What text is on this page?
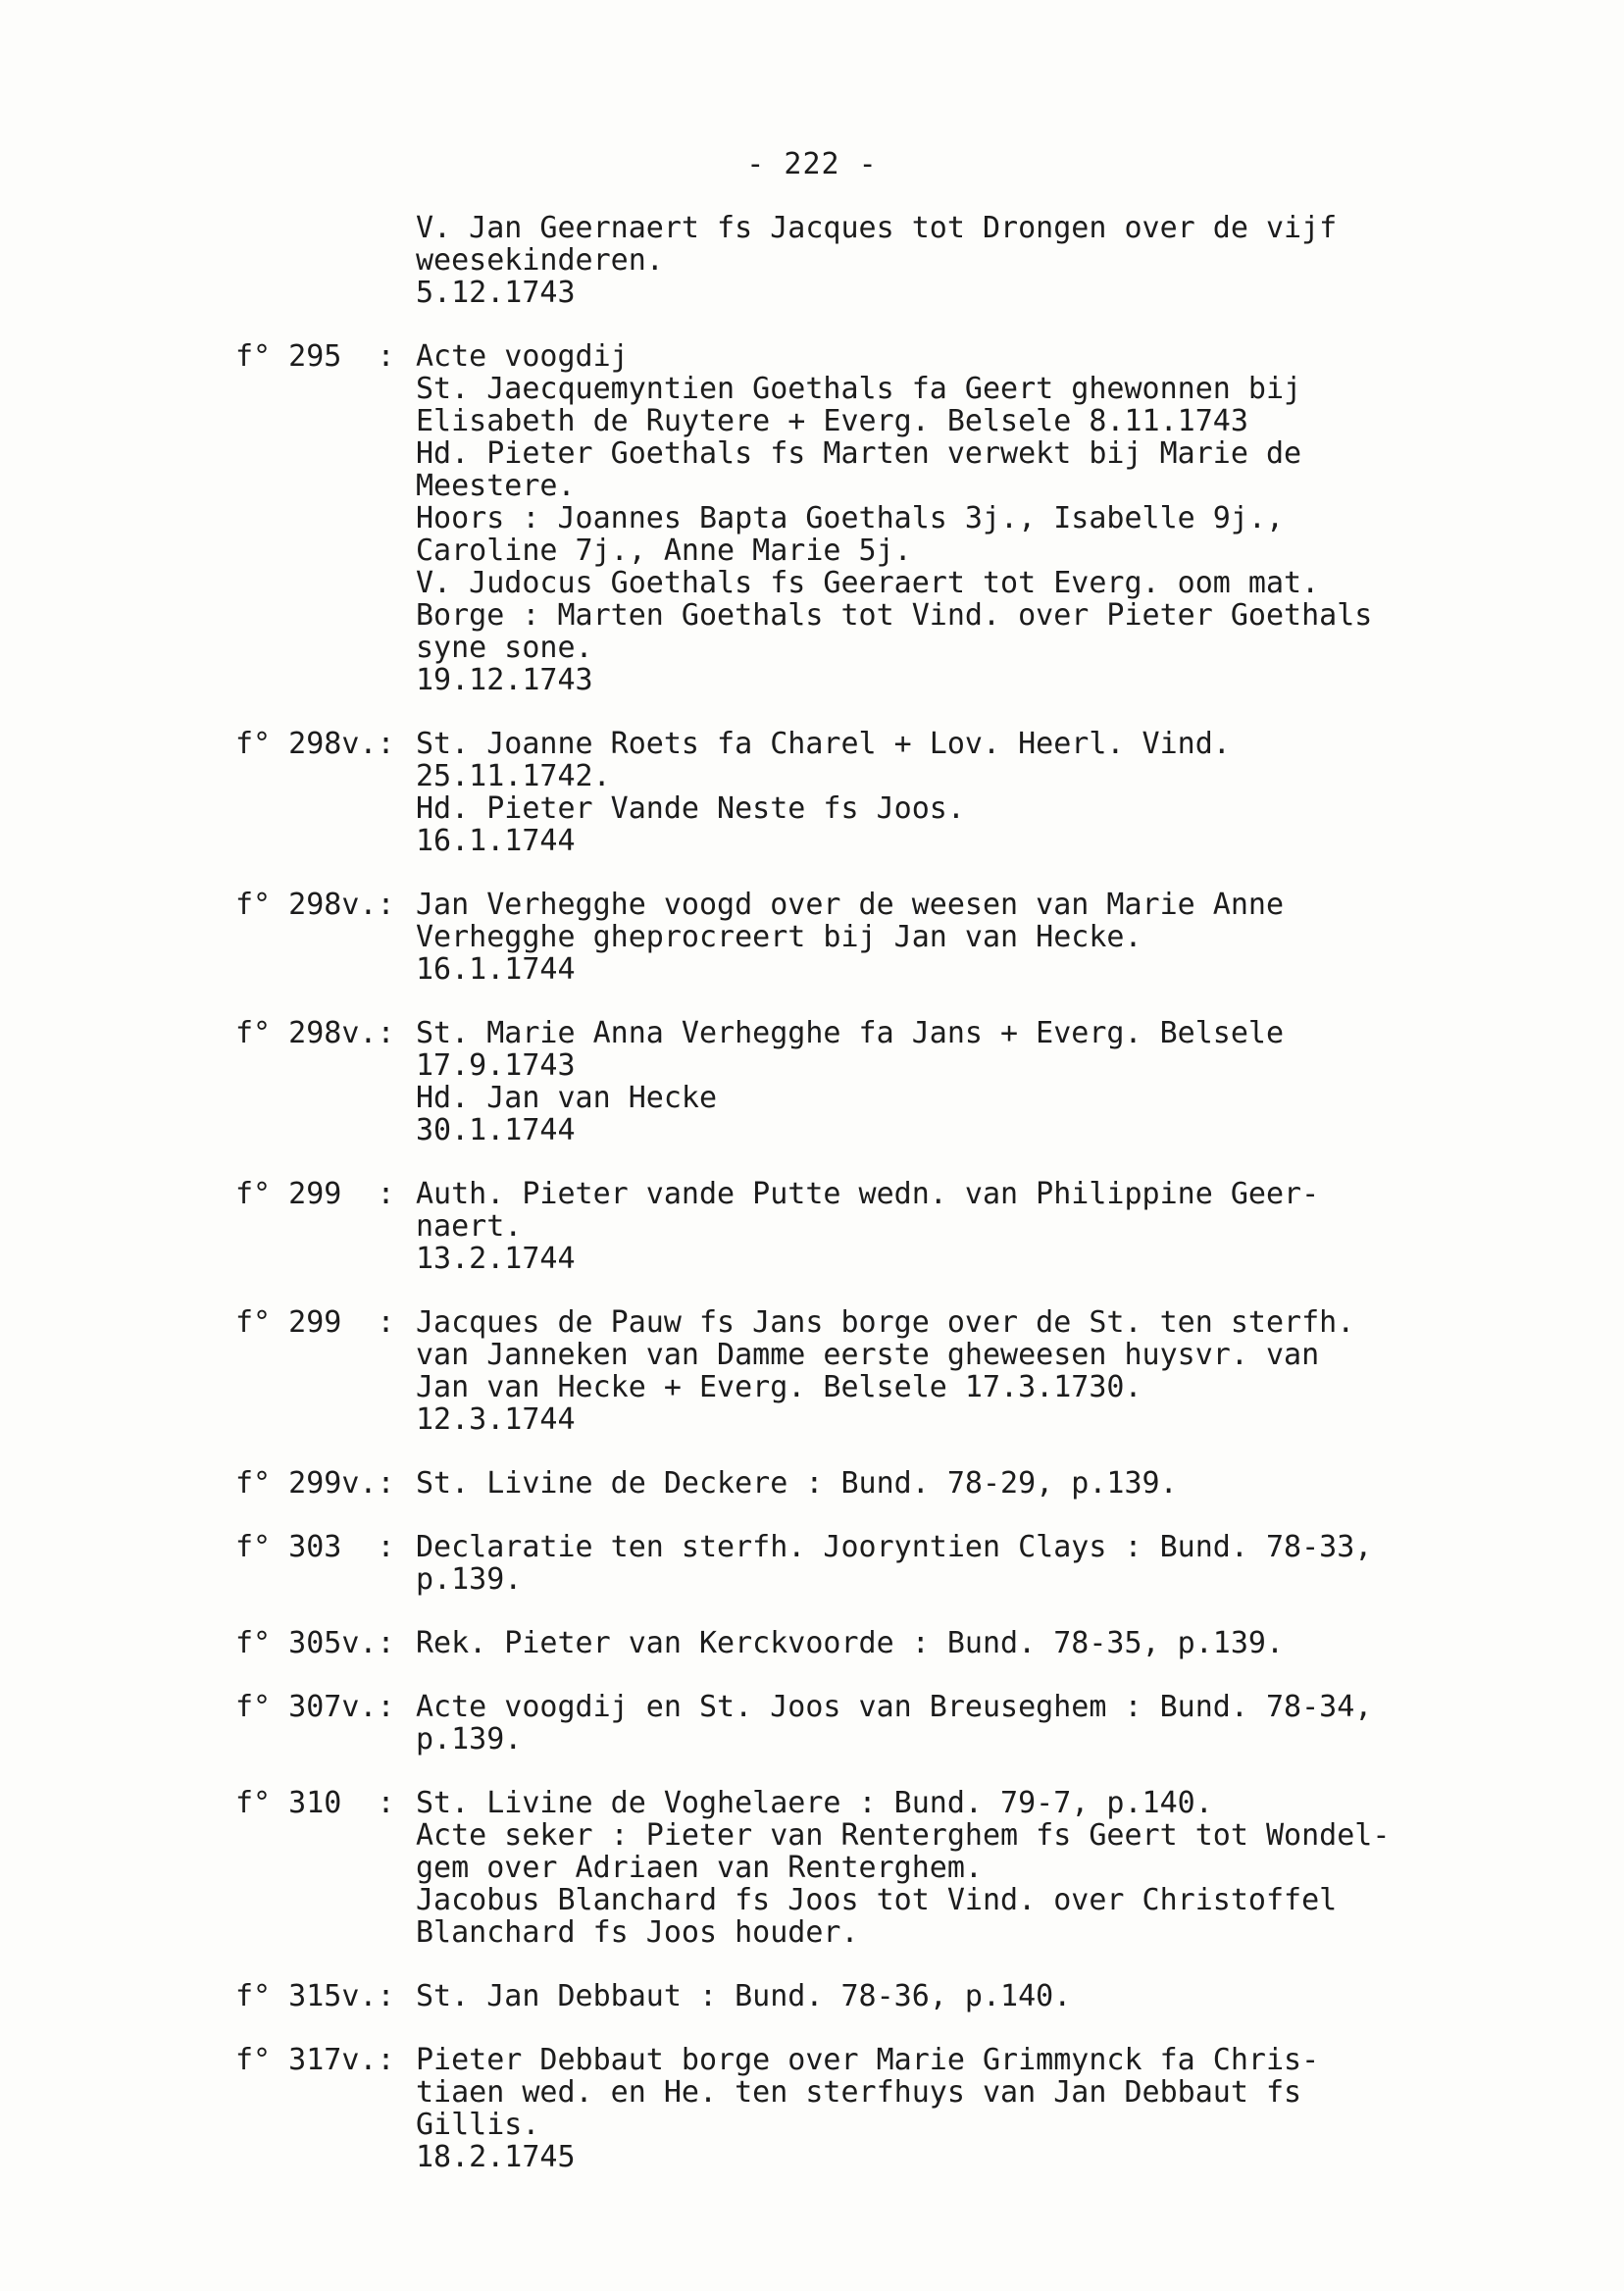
- 222 -
V. Jan Geernaert fs Jacques tot Drongen over de vijf
weesekinderen.
5.12.1743
f° 295  : Acte voogdij
St. Jaecquemyntien Goethals fa Geert ghewonnen bij
Elisabeth de Ruytere + Everg. Belsele 8.11.1743
Hd. Pieter Goethals fs Marten verwekt bij Marie de
Meestere.
Hoors : Joannes Bapta Goethals 3j., Isabelle 9j.,
Caroline 7j., Anne Marie 5j.
V. Judocus Goethals fs Geeraert tot Everg. oom mat.
Borge : Marten Goethals tot Vind. over Pieter Goethals
syne sone.
19.12.1743
f° 298v.: St. Joanne Roets fa Charel + Lov. Heerl. Vind.
25.11.1742.
Hd. Pieter Vande Neste fs Joos.
16.1.1744
f° 298v.: Jan Verhegghe voogd over de weesen van Marie Anne
Verhegghe gheprocreert bij Jan van Hecke.
16.1.1744
f° 298v.: St. Marie Anna Verhegghe fa Jans + Everg. Belsele
17.9.1743
Hd. Jan van Hecke
30.1.1744
f° 299  : Auth. Pieter vande Putte wedn. van Philippine Geer-
naert.
13.2.1744
f° 299  : Jacques de Pauw fs Jans borge over de St. ten sterfh.
van Janneken van Damme eerste gheweesen huysvr. van
Jan van Hecke + Everg. Belsele 17.3.1730.
12.3.1744
f° 299v.: St. Livine de Deckere : Bund. 78-29, p.139.
f° 303  : Declaratie ten sterfh. Jooryntien Clays : Bund. 78-33,
p.139.
f° 305v.: Rek. Pieter van Kerckvoorde : Bund. 78-35, p.139.
f° 307v.: Acte voogdij en St. Joos van Breuseghem : Bund. 78-34,
p.139.
f° 310  : St. Livine de Voghelaere : Bund. 79-7, p.140.
Acte seker : Pieter van Renterghem fs Geert tot Wondel-
gem over Adriaen van Renterghem.
Jacobus Blanchard fs Joos tot Vind. over Christoffel
Blanchard fs Joos houder.
f° 315v.: St. Jan Debbaut : Bund. 78-36, p.140.
f° 317v.: Pieter Debbaut borge over Marie Grimmynck fa Chris-
tiaen wed. en He. ten sterfhuys van Jan Debbaut fs
Gillis.
18.2.1745
